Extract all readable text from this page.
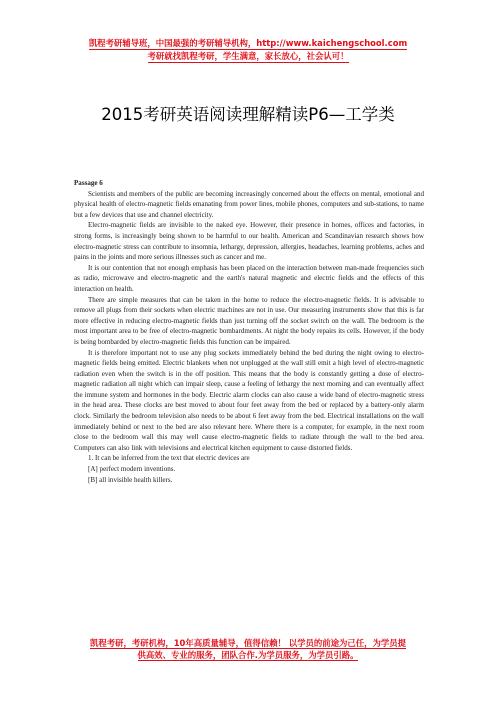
凯程考研辅导班，中国最强的考研辅导机构，http://www.kaichengschool.com
考研就找凯程考研，学生满意，家长放心，社会认可！
2015考研英语阅读理解精读P6—工学类

Passage 6

Scientists and members of the public are becoming increasingly concerned about the effects on mental, emotional and physical health of electro-magnetic fields emanating from power lines, mobile phones, computers and sub-stations, to name but a few devices that use and channel electricity.

Electro-magnetic fields are invisible to the naked eye. However, their presence in homes, offices and factories, in strong forms, is increasingly being shown to be harmful to our health. American and Scandinavian research shows how electro-magnetic stress can contribute to insomnia, lethargy, depression, allergies, headaches, learning problems, aches and pains in the joints and more serious illnesses such as cancer and me.

It is our contention that not enough emphasis has been placed on the interaction between man-made frequencies such as radio, microwave and electro-magnetic and the earth's natural magnetic and electric fields and the effects of this interaction on health.

There are simple measures that can be taken in the home to reduce the electro-magnetic fields. It is advisable to remove all plugs from their sockets when electric machines are not in use. Our measuring instruments show that this is far more effective in reducing electro-magnetic fields than just turning off the socket switch on the wall. The bedroom is the most important area to be free of electro-magnetic bombardments. At night the body repairs its cells. However, if the body is being bombarded by electro-magnetic fields this function can be impaired.

It is therefore important not to use any plug sockets immediately behind the bed during the night owing to electro-magnetic fields being emitted. Electric blankets when not unplugged at the wall still emit a high level of electro-magnetic radiation even when the switch is in the off position. This means that the body is constantly getting a dose of electro-magnetic radiation all night which can impair sleep, cause a feeling of lethargy the next morning and can eventually affect the immune system and hormones in the body. Electric alarm clocks can also cause a wide band of electro-magnetic stress in the head area. These clocks are best moved to about four feet away from the bed or replaced by a battery-only alarm clock. Similarly the bedroom television also needs to be about 6 feet away from the bed. Electrical installations on the wall immediately behind or next to the bed are also relevant here. Where there is a computer, for example, in the next room close to the bedroom wall this may well cause electro-magnetic fields to radiate through the wall to the bed area. Computers can also link with televisions and electrical kitchen equipment to cause distorted fields.

1. It can be inferred from the text that electric devices are

[A] perfect modern inventions.

[B] all invisible health killers.

凯程考研，考研机构，10年高质量辅导，值得信赖！ 以学员的前途为己任，为学员提
供高效、专业的服务，团队合作.为学员服务，为学员引路。
